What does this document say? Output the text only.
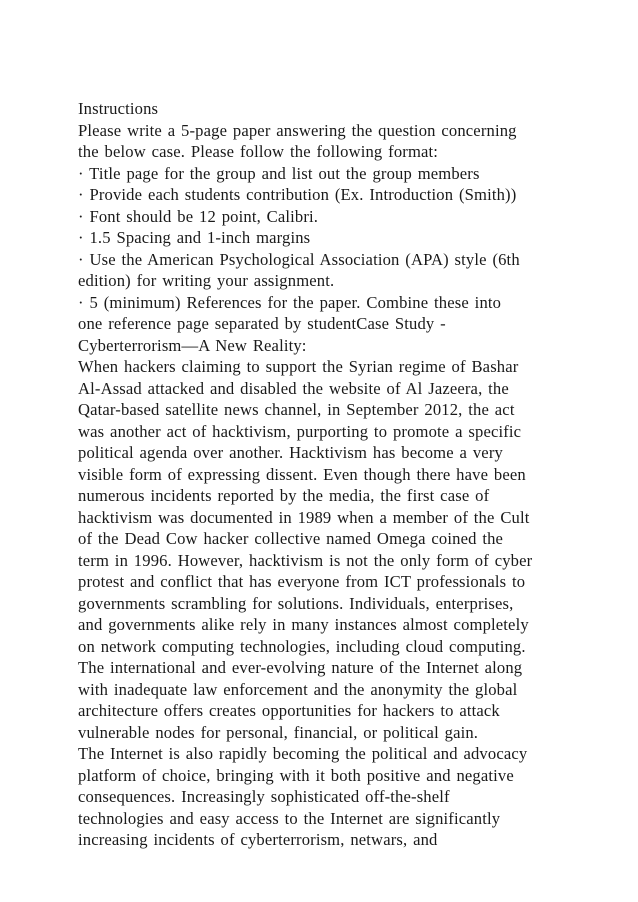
Instructions
Please write a 5-page paper answering the question concerning
the below case. Please follow the following format:
· Title page for the group and list out the group members
· Provide each students contribution (Ex. Introduction (Smith))
· Font should be 12 point, Calibri.
· 1.5 Spacing and 1-inch margins
· Use the American Psychological Association (APA) style (6th
edition) for writing your assignment.
· 5 (minimum) References for the paper. Combine these into
one reference page separated by studentCase Study -
Cyberterrorism—A New Reality:
When hackers claiming to support the Syrian regime of Bashar
Al-Assad attacked and disabled the website of Al Jazeera, the
Qatar-based satellite news channel, in September 2012, the act
was another act of hacktivism, purporting to promote a specific
political agenda over another. Hacktivism has become a very
visible form of expressing dissent. Even though there have been
numerous incidents reported by the media, the first case of
hacktivism was documented in 1989 when a member of the Cult
of the Dead Cow hacker collective named Omega coined the
term in 1996. However, hacktivism is not the only form of cyber
protest and conflict that has everyone from ICT professionals to
governments scrambling for solutions. Individuals, enterprises,
and governments alike rely in many instances almost completely
on network computing technologies, including cloud computing.
The international and ever-evolving nature of the Internet along
with inadequate law enforcement and the anonymity the global
architecture offers creates opportunities for hackers to attack
vulnerable nodes for personal, financial, or political gain.
The Internet is also rapidly becoming the political and advocacy
platform of choice, bringing with it both positive and negative
consequences. Increasingly sophisticated off-the-shelf
technologies and easy access to the Internet are significantly
increasing incidents of cyberterrorism, netwars, and
